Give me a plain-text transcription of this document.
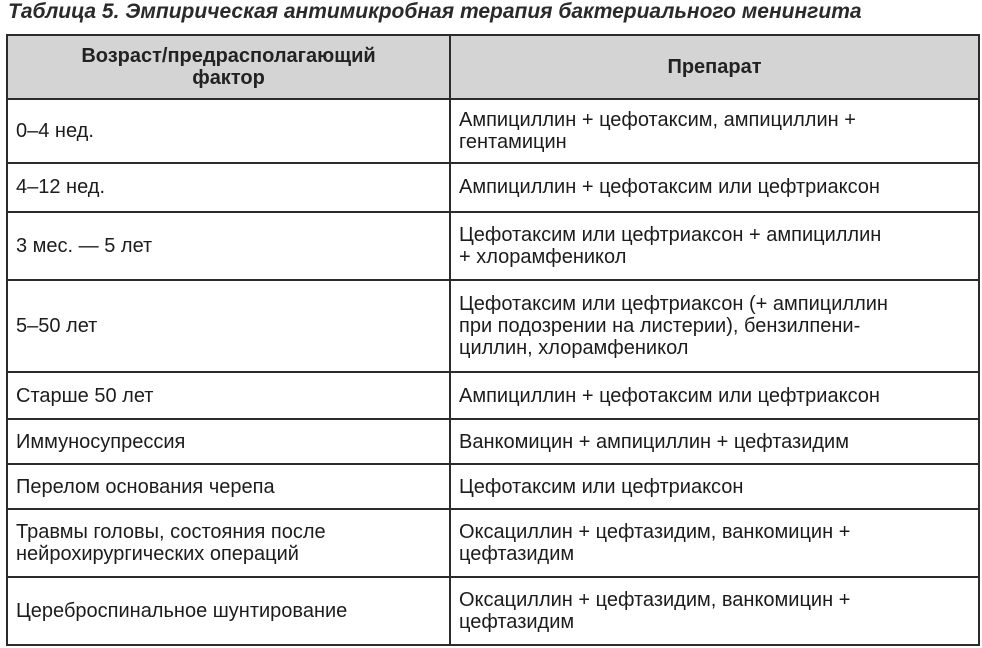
Таблица 5. Эмпирическая антимикробная терапия бактериального менингита
Возраст/предрасполагающий
фактор	Препарат
0–4 нед.	Ампициллин + цефотаксим, ампициллин +
гентамицин
4–12 нед.	Ампициллин + цефотаксим или цефтриаксон
3 мес. — 5 лет	Цефотаксим или цефтриаксон + ампициллин
+ хлорамфеникол
5–50 лет	Цефотаксим или цефтриаксон (+ ампициллин
при подозрении на листерии), бензилпени-
циллин, хлорамфеникол
Старше 50 лет	Ампициллин + цефотаксим или цефтриаксон
Иммуносупрессия	Ванкомицин + ампициллин + цефтазидим
Перелом основания черепа	Цефотаксим или цефтриаксон
Травмы головы, состояния после
нейрохирургических операций	Оксациллин + цефтазидим, ванкомицин +
цефтазидим
Цереброспинальное шунтирование	Оксациллин + цефтазидим, ванкомицин +
цефтазидим
